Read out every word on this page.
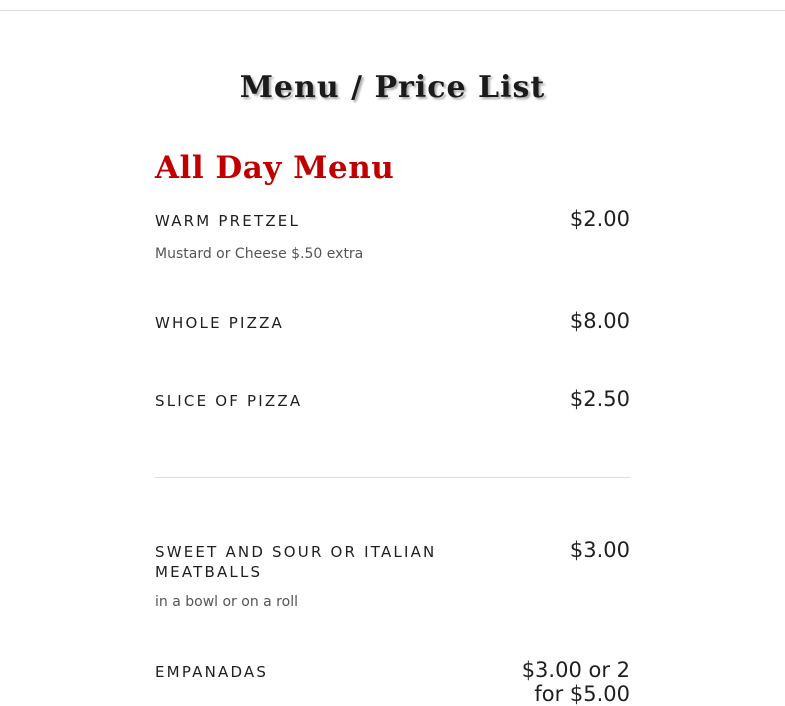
Menu / Price List
All Day Menu
WARM PRETZEL	$2.00
Mustard or Cheese $.50 extra
WHOLE PIZZA	$8.00
SLICE OF PIZZA	$2.50
SWEET AND SOUR OR ITALIAN MEATBALLS
$3.00
in a bowl or on a roll
EMPANADAS	$3.00 or 2 for $5.00
